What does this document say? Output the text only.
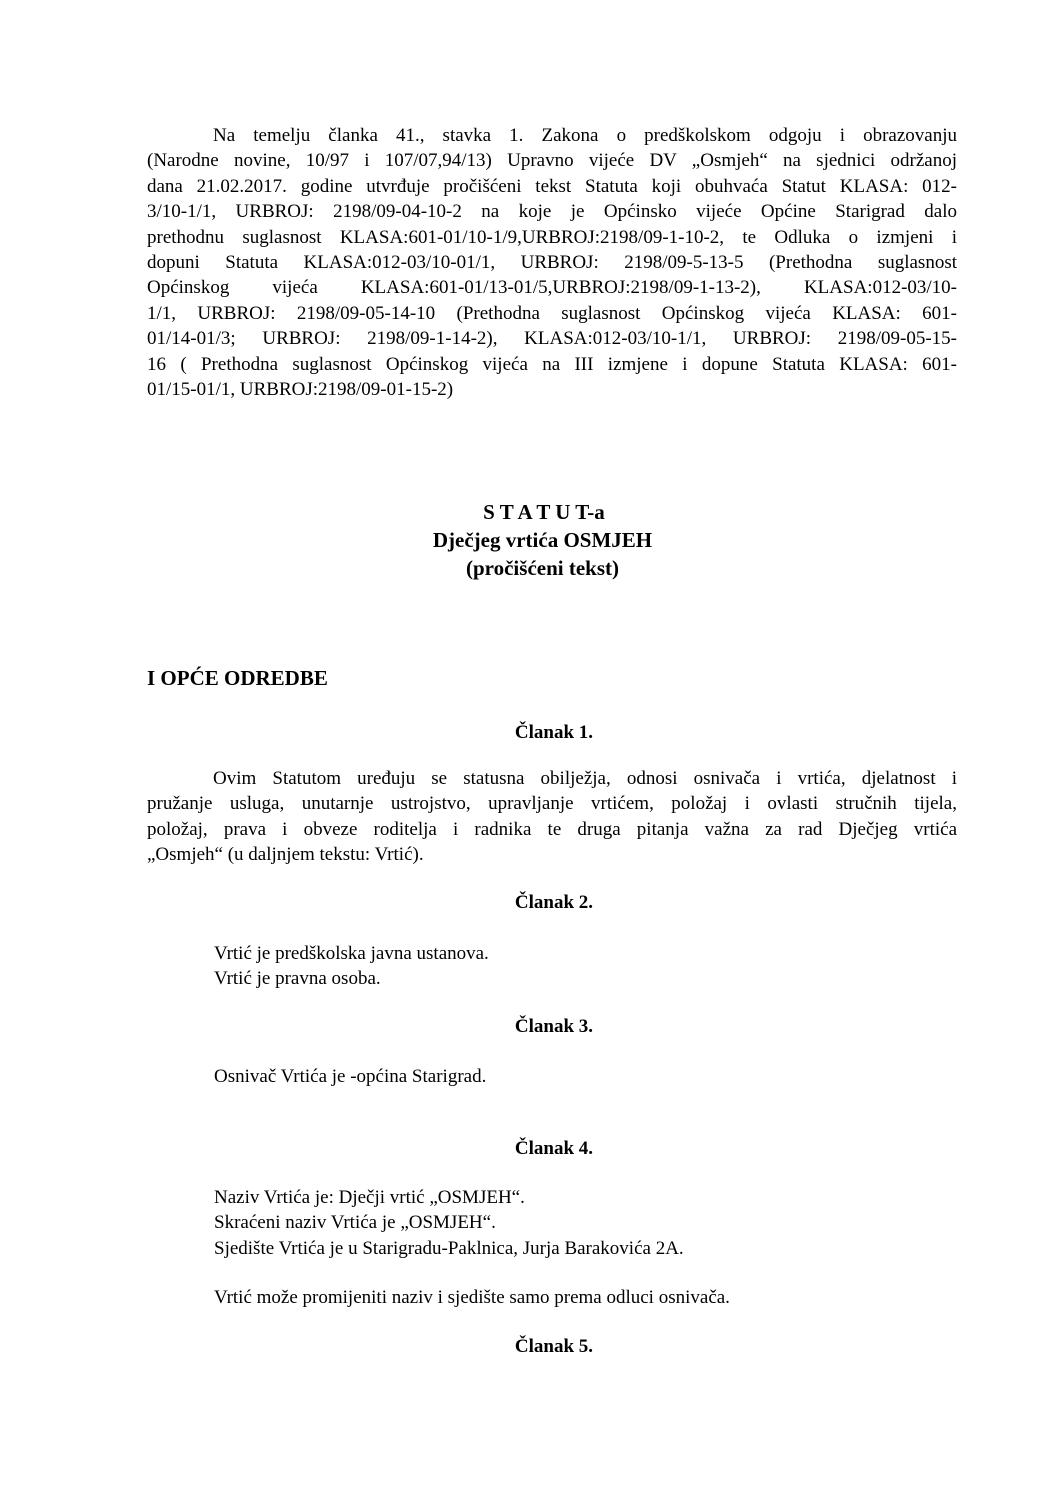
Na temelju članka 41., stavka 1. Zakona o predškolskom odgoju i obrazovanju
(Narodne novine, 10/97 i 107/07,94/13) Upravno vijeće DV „Osmjeh“ na sjednici održanoj
dana 21.02.2017. godine utvrđuje pročišćeni tekst Statuta koji obuhvaća Statut KLASA: 012-
3/10-1/1, URBROJ: 2198/09-04-10-2 na koje je Općinsko vijeće Općine Starigrad dalo
prethodnu suglasnost KLASA:601-01/10-1/9,URBROJ:2198/09-1-10-2, te Odluka o izmjeni i
dopuni Statuta KLASA:012-03/10-01/1, URBROJ: 2198/09-5-13-5 (Prethodna suglasnost
Općinskog vijeća KLASA:601-01/13-01/5,URBROJ:2198/09-1-13-2), KLASA:012-03/10-
1/1, URBROJ: 2198/09-05-14-10 (Prethodna suglasnost Općinskog vijeća KLASA: 601-
01/14-01/3; URBROJ: 2198/09-1-14-2), KLASA:012-03/10-1/1, URBROJ: 2198/09-05-15-
16 ( Prethodna suglasnost Općinskog vijeća na III izmjene i dopune Statuta KLASA: 601-
01/15-01/1, URBROJ:2198/09-01-15-2)
S T A T U T-a
Dječjeg vrtića OSMJEH
(pročišćeni tekst)
I OPĆE ODREDBE
Članak 1.
Ovim Statutom uređuju se statusna obilježja, odnosi osnivača i vrtića, djelatnost i
pružanje usluga, unutarnje ustrojstvo, upravljanje vrtićem, položaj i ovlasti stručnih tijela,
položaj, prava i obveze roditelja i radnika te druga pitanja važna za rad Dječjeg vrtića
„Osmjeh“ (u daljnjem tekstu: Vrtić).
Članak 2.
Vrtić je predškolska javna ustanova.
Vrtić je pravna osoba.
Članak 3.
Osnivač Vrtića je -općina Starigrad.
Članak 4.
Naziv Vrtića je: Dječji vrtić „OSMJEH“.
Skraćeni naziv Vrtića je „OSMJEH“.
Sjedište Vrtića je u Starigradu-Paklnica, Jurja Barakovića 2A.
Vrtić može promijeniti naziv i sjedište samo prema odluci osnivača.
Članak 5.
